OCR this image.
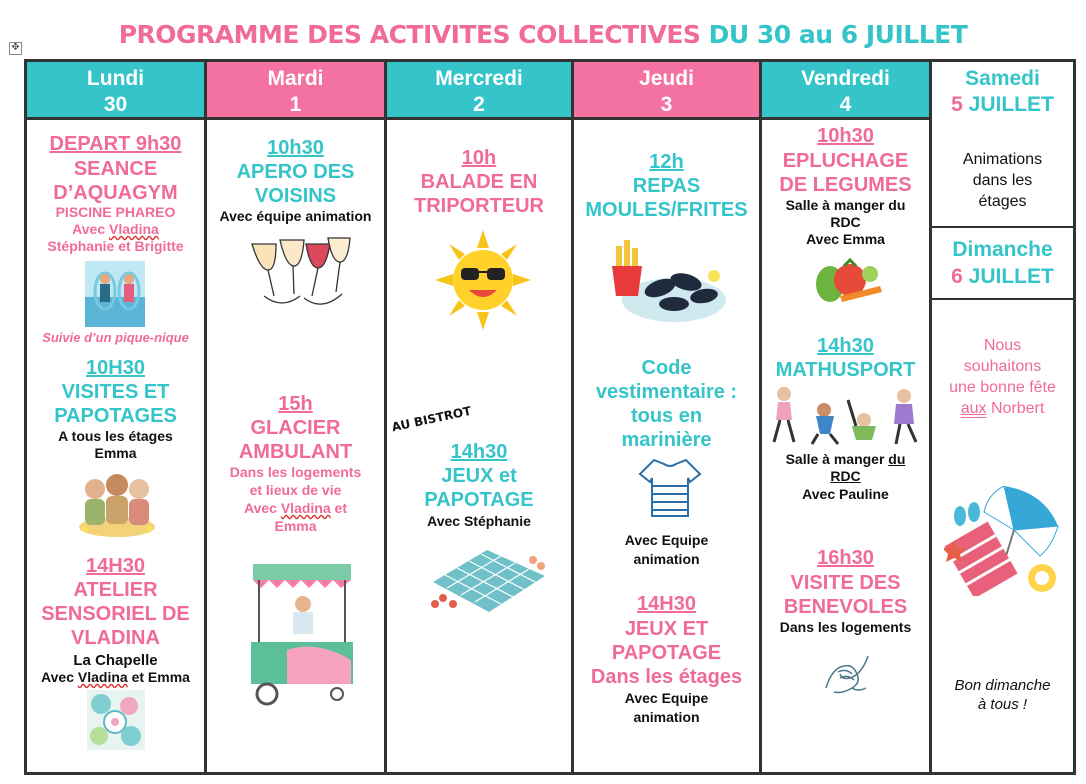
PROGRAMME DES ACTIVITES COLLECTIVES DU 30 au 6 JUILLET
✥
Lundi
30
DEPART 9h30
SEANCE
D’AQUAGYM
PISCINE PHAREO
Avec Vladina
Stéphanie et Brigitte
Suivie d’un pique-nique
10H30
VISITES ET
PAPOTAGES
A tous les étages
Emma
14H30
ATELIER
SENSORIEL DE
VLADINA
La Chapelle
Avec Vladina et Emma
Mardi
1
10h30
APERO DES
VOISINS
Avec équipe animation
15h
GLACIER
AMBULANT
Dans les logements
et lieux de vie
Avec Vladina et
Emma
Mercredi
2
10h
BALADE EN
TRIPORTEUR
AU BISTROT
14h30
JEUX et
PAPOTAGE
Avec Stéphanie
Jeudi
3
12h
REPAS
MOULES/FRITES
Code
vestimentaire :
tous en
marinière
Avec Equipe
animation
14H30
JEUX ET
PAPOTAGE
Dans les étages
Avec Equipe
animation
Vendredi
4
10h30
EPLUCHAGE
DE LEGUMES
Salle à manger du
RDC
Avec Emma
14h30
MATHUSPORT
Salle à manger du
RDC
Avec Pauline
16h30
VISITE DES
BENEVOLES
Dans les logements
Samedi
5 JUILLET
Animations
dans les
étages
Dimanche
6 JUILLET
Nous
souhaitons
une bonne fête
aux Norbert
Bon dimanche
à tous !
